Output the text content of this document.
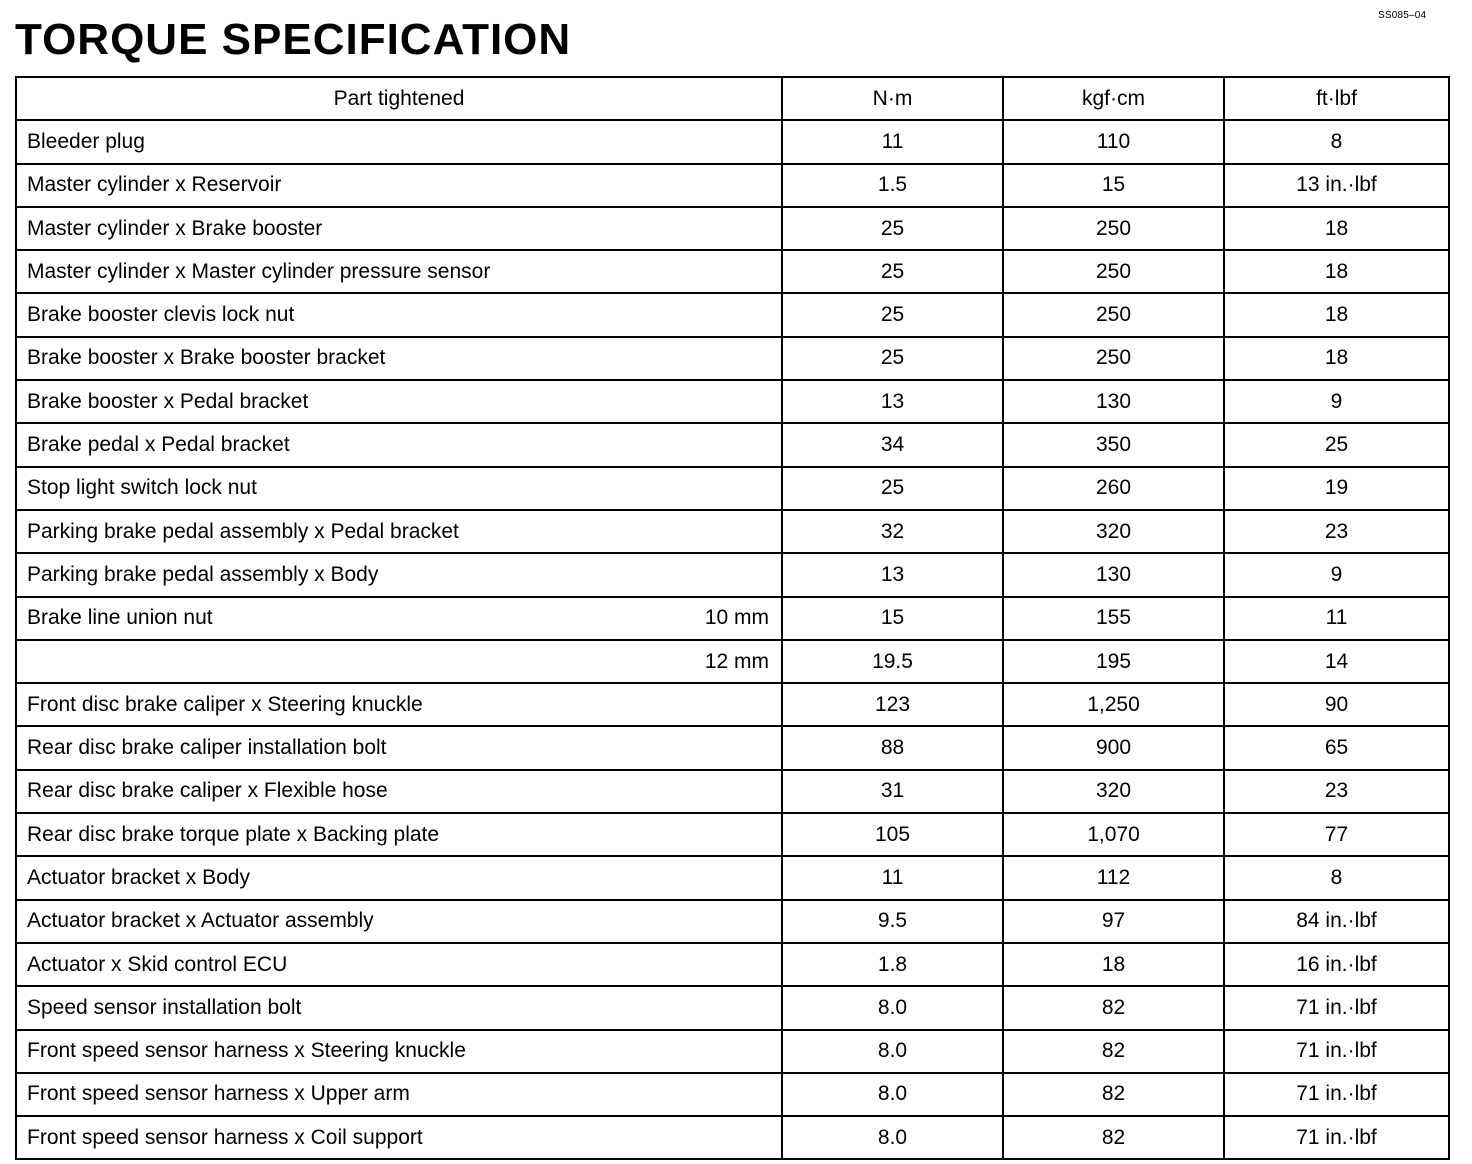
SS085–04
TORQUE SPECIFICATION
Part tightened	N·m	kgf·cm	ft·lbf

Bleeder plug	11	110	8

Master cylinder x Reservoir	1.5	15	13 in.·lbf

Master cylinder x Brake booster	25	250	18

Master cylinder x Master cylinder pressure sensor	25	250	18

Brake booster clevis lock nut	25	250	18

Brake booster x Brake booster bracket	25	250	18

Brake booster x Pedal bracket	13	130	9

Brake pedal x Pedal bracket	34	350	25

Stop light switch lock nut	25	260	19

Parking brake pedal assembly x Pedal bracket	32	320	23

Parking brake pedal assembly x Body	13	130	9

Brake line union nut 10 mm	15	155	11

12 mm	19.5	195	14

Front disc brake caliper x Steering knuckle	123	1,250	90

Rear disc brake caliper installation bolt	88	900	65

Rear disc brake caliper x Flexible hose	31	320	23

Rear disc brake torque plate x Backing plate	105	1,070	77

Actuator bracket x Body	11	112	8

Actuator bracket x Actuator assembly	9.5	97	84 in.·lbf

Actuator x Skid control ECU	1.8	18	16 in.·lbf

Speed sensor installation bolt	8.0	82	71 in.·lbf

Front speed sensor harness x Steering knuckle	8.0	82	71 in.·lbf

Front speed sensor harness x Upper arm	8.0	82	71 in.·lbf

Front speed sensor harness x Coil support	8.0	82	71 in.·lbf
